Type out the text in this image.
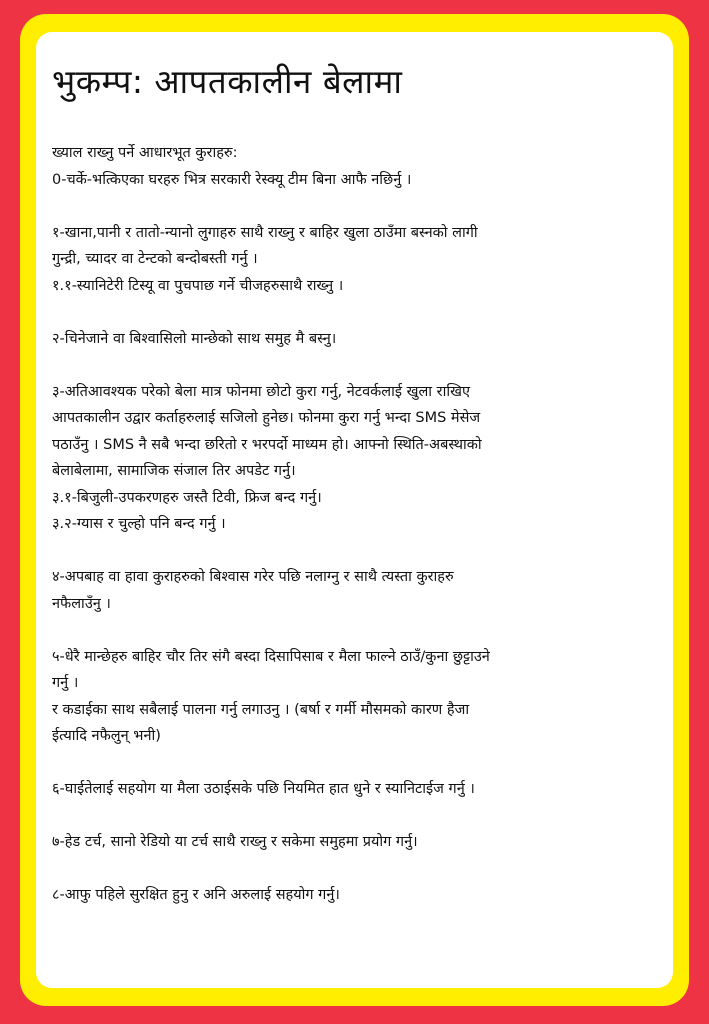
भुकम्प: आपतकालीन बेलामा

ख्याल राख्नु पर्ने आधारभूत कुराहरु:

0-चर्के-भत्किएका घरहरु भित्र सरकारी रेस्क्यू टीम बिना आफै नछिर्नु ।

१-खाना,पानी र तातो-न्यानो लुगाहरु साथै राख्नु र बाहिर खुला ठाउँमा बस्नको लागी

गुन्द्री, च्यादर वा टेन्टको बन्दोबस्ती गर्नु ।

१.१-स्यानिटेरी टिस्यू वा पुचपाछ गर्ने चीजहरुसाथै राख्नु ।

२-चिनेजाने वा बिश्वासिलो मान्छेको साथ समुह मै बस्नु।

३-अतिआवश्यक परेको बेला मात्र फोनमा छोटो कुरा गर्नु, नेटवर्कलाई खुला राखिए

आपतकालीन उद्वार कर्ताहरुलाई सजिलो हुनेछ। फोनमा कुरा गर्नु भन्दा SMS मेसेज

पठाउँनु । SMS नै सबै भन्दा छरितो र भरपर्दो माध्यम हो। आफ्नो स्थिति-अबस्थाको

बेलाबेलामा, सामाजिक संजाल तिर अपडेट गर्नु।

३.१-बिजुली-उपकरणहरु जस्तै टिवी, फ्रिज बन्द गर्नु।

३.२-ग्यास र चुल्हो पनि बन्द गर्नु ।

४-अपबाह वा हावा कुराहरुको बिश्वास गरेर पछि नलाग्नु र साथै त्यस्ता कुराहरु

नफैलाउँनु ।

५-धेरै मान्छेहरु बाहिर चौर तिर संगै बस्दा दिसापिसाब र मैला फाल्ने ठाउँ/कुना छुट्टाउने

गर्नु ।

र कडाईका साथ सबैलाई पालना गर्नु लगाउनु । (बर्षा र गर्मी मौसमको कारण हैजा

ईत्यादि नफैलुन् भनी)

६-घाईतेलाई सहयोग या मैला उठाईसके पछि नियमित हात धुने र स्यानिटाईज गर्नु ।

७-हेड टर्च, सानो रेडियो या टर्च साथै राख्नु र सकेमा समुहमा प्रयोग गर्नु।

८-आफु पहिले सुरक्षित हुनु र अनि अरुलाई सहयोग गर्नु।
